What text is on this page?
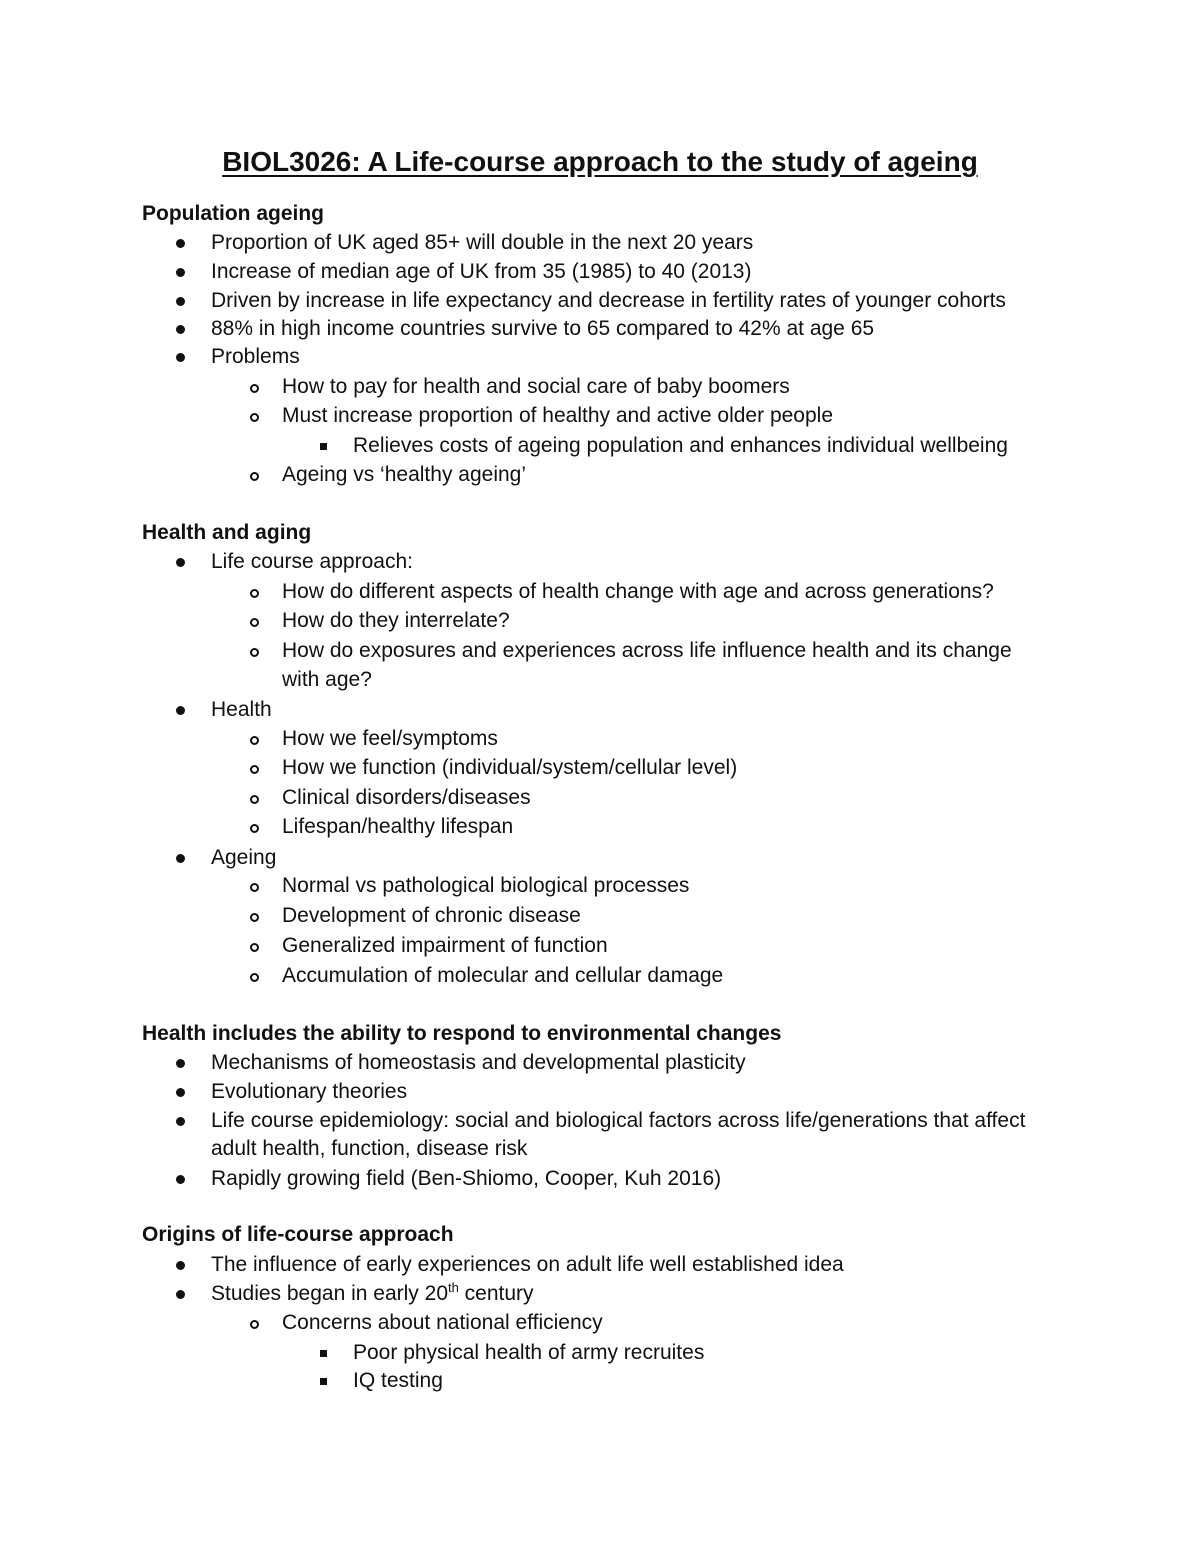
BIOL3026: A Life-course approach to the study of ageing
Population ageing
Proportion of UK aged 85+ will double in the next 20 years
Increase of median age of UK from 35 (1985) to 40 (2013)
Driven by increase in life expectancy and decrease in fertility rates of younger cohorts
88% in high income countries survive to 65 compared to 42% at age 65
Problems
How to pay for health and social care of baby boomers
Must increase proportion of healthy and active older people
Relieves costs of ageing population and enhances individual wellbeing
Ageing vs ‘healthy ageing’
Health and aging
Life course approach:
How do different aspects of health change with age and across generations?
How do they interrelate?
How do exposures and experiences across life influence health and its change
with age?
Health
How we feel/symptoms
How we function (individual/system/cellular level)
Clinical disorders/diseases
Lifespan/healthy lifespan
Ageing
Normal vs pathological biological processes
Development of chronic disease
Generalized impairment of function
Accumulation of molecular and cellular damage
Health includes the ability to respond to environmental changes
Mechanisms of homeostasis and developmental plasticity
Evolutionary theories
Life course epidemiology: social and biological factors across life/generations that affect
adult health, function, disease risk
Rapidly growing field (Ben-Shiomo, Cooper, Kuh 2016)
Origins of life-course approach
The influence of early experiences on adult life well established idea
Studies began in early 20th century
Concerns about national efficiency
Poor physical health of army recruites
IQ testing
